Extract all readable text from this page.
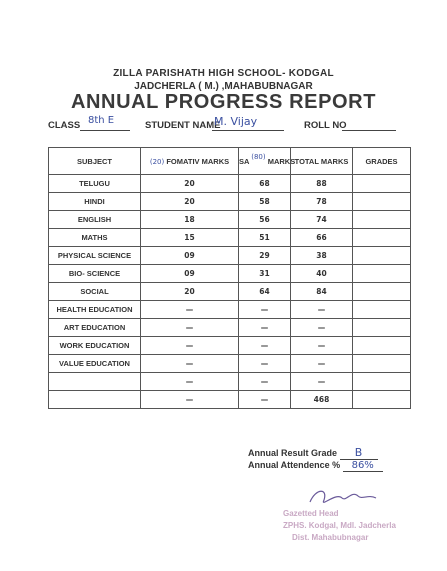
ZILLA PARISHATH HIGH SCHOOL- KODGAL
JADCHERLA ( M.) ,MAHABUBNAGAR
ANNUAL PROGRESS REPORT
CLASS 8th E	STUDENT NAME
M. Vijay	ROLL NO
SUBJECT	(20) FOMATIV MARKS	SA (80) MARKS	TOTAL MARKS	GRADES
TELUGU	20	68	88	
HINDI	20	58	78	
ENGLISH	18	56	74	
MATHS	15	51	66	
PHYSICAL SCIENCE	09	29	38	
BIO- SCIENCE	09	31	40	
SOCIAL	20	64	84	
HEALTH EDUCATION	—	—	—	
ART EDUCATION	—	—	—	
WORK EDUCATION	—	—	—	
VALUE EDUCATION	—	—	—	
	—	—	—	
	—	—	468	
Annual Result Grade B
Annual Attendence % 86%
Gazetted Head
ZPHS. Kodgal, Mdl. Jadcherla
Dist. Mahabubnagar
